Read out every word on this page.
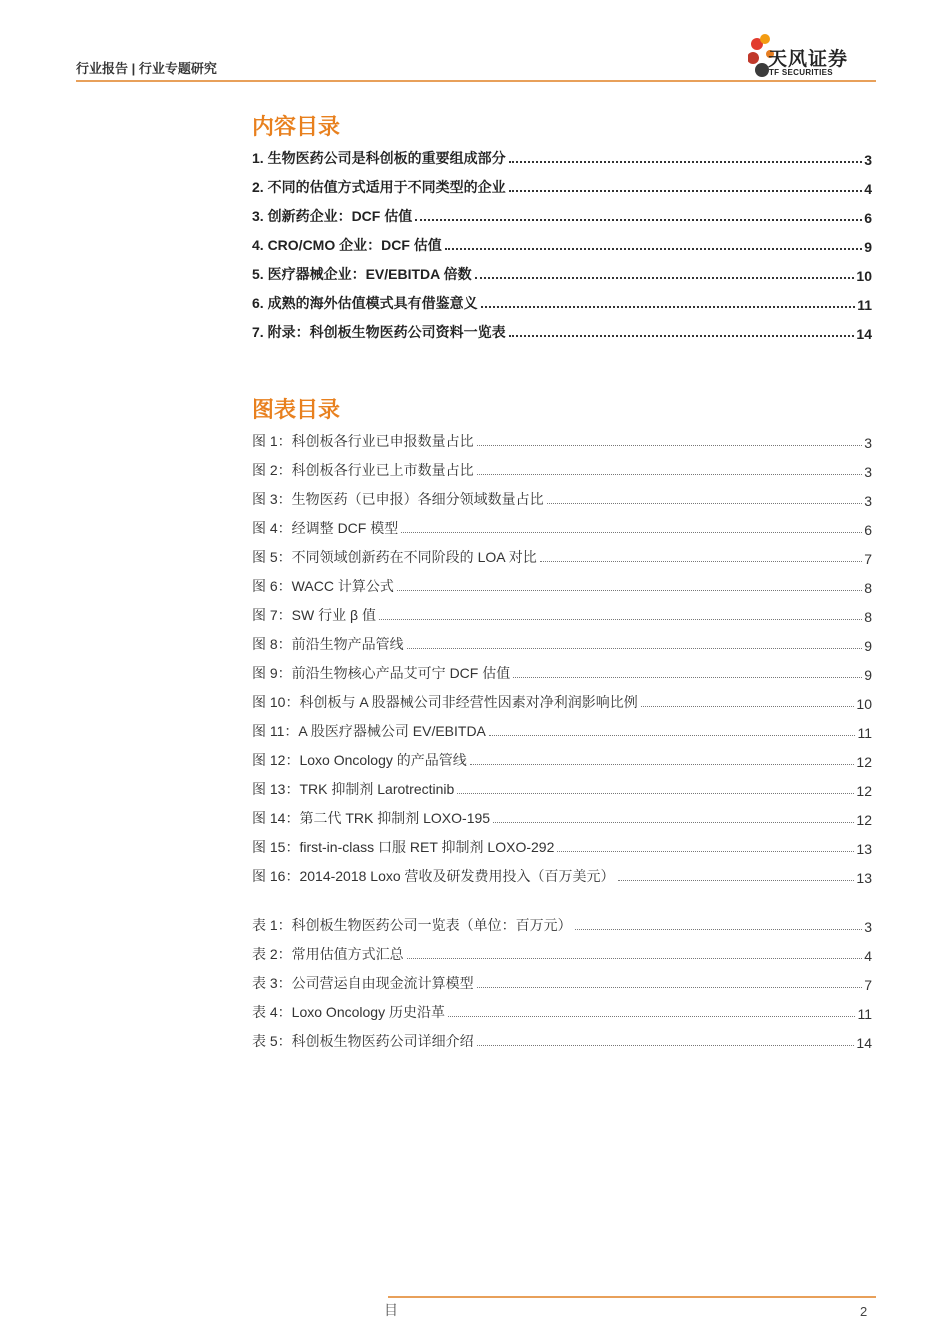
行业报告 | 行业专题研究	天风证券
TF SECURITIES
内容目录
1. 生物医药公司是科创板的重要组成部分	3
2. 不同的估值方式适用于不同类型的企业	4
3. 创新药企业：DCF 估值	6
4. CRO/CMO 企业：DCF 估值	9
5. 医疗器械企业：EV/EBITDA 倍数	10
6. 成熟的海外估值模式具有借鉴意义	11
7. 附录：科创板生物医药公司资料一览表	14
图表目录
图 1：科创板各行业已申报数量占比	3
图 2：科创板各行业已上市数量占比	3
图 3：生物医药（已申报）各细分领域数量占比	3
图 4：经调整 DCF 模型	6
图 5：不同领域创新药在不同阶段的 LOA 对比	7
图 6：WACC 计算公式	8
图 7：SW 行业 β 值	8
图 8：前沿生物产品管线	9
图 9：前沿生物核心产品艾可宁 DCF 估值	9
图 10：科创板与 A 股器械公司非经营性因素对净利润影响比例	10
图 11：A 股医疗器械公司 EV/EBITDA	11
图 12：Loxo Oncology 的产品管线	12
图 13：TRK 抑制剂 Larotrectinib	12
图 14：第二代 TRK 抑制剂 LOXO-195	12
图 15：first-in-class 口服 RET 抑制剂 LOXO-292	13
图 16：2014-2018 Loxo 营收及研发费用投入（百万美元）	13
表 1：科创板生物医药公司一览表（单位：百万元）	3
表 2：常用估值方式汇总	4
表 3：公司营运自由现金流计算模型	7
表 4：Loxo Oncology 历史沿革	11
表 5：科创板生物医药公司详细介绍	14
目	2
